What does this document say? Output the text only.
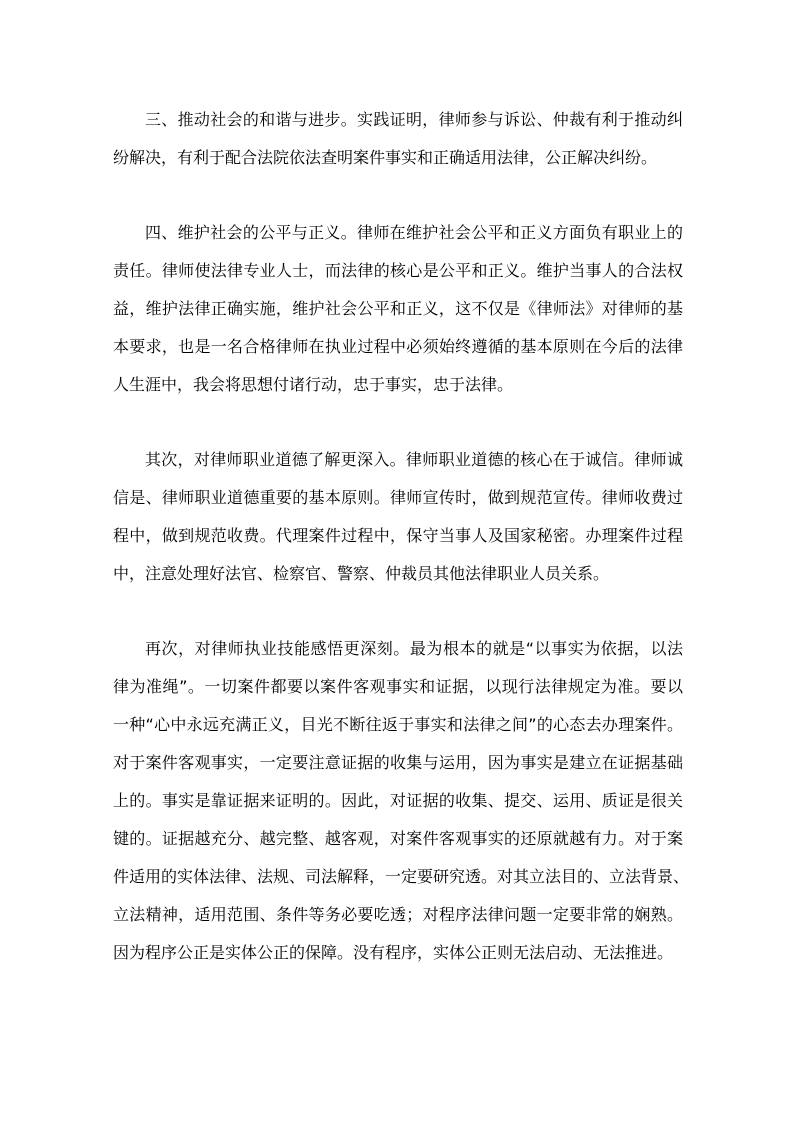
三、推动社会的和谐与进步。实践证明，律师参与诉讼、仲裁有利于推动纠
纷解决，有利于配合法院依法查明案件事实和正确适用法律，公正解决纠纷。

四、维护社会的公平与正义。律师在维护社会公平和正义方面负有职业上的
责任。律师使法律专业人士，而法律的核心是公平和正义。维护当事人的合法权
益，维护法律正确实施，维护社会公平和正义，这不仅是《律师法》对律师的基
本要求，也是一名合格律师在执业过程中必须始终遵循的基本原则在今后的法律
人生涯中，我会将思想付诸行动，忠于事实，忠于法律。

其次，对律师职业道德了解更深入。律师职业道德的核心在于诚信。律师诚
信是、律师职业道德重要的基本原则。律师宣传时，做到规范宣传。律师收费过
程中，做到规范收费。代理案件过程中，保守当事人及国家秘密。办理案件过程
中，注意处理好法官、检察官、警察、仲裁员其他法律职业人员关系。

再次，对律师执业技能感悟更深刻。最为根本的就是“以事实为依据，以法
律为准绳”。一切案件都要以案件客观事实和证据，以现行法律规定为准。要以
一种“心中永远充满正义，目光不断往返于事实和法律之间”的心态去办理案件。
对于案件客观事实，一定要注意证据的收集与运用，因为事实是建立在证据基础
上的。事实是靠证据来证明的。因此，对证据的收集、提交、运用、质证是很关
键的。证据越充分、越完整、越客观，对案件客观事实的还原就越有力。对于案
件适用的实体法律、法规、司法解释，一定要研究透。对其立法目的、立法背景、
立法精神，适用范围、条件等务必要吃透；对程序法律问题一定要非常的娴熟。
因为程序公正是实体公正的保障。没有程序，实体公正则无法启动、无法推进。
